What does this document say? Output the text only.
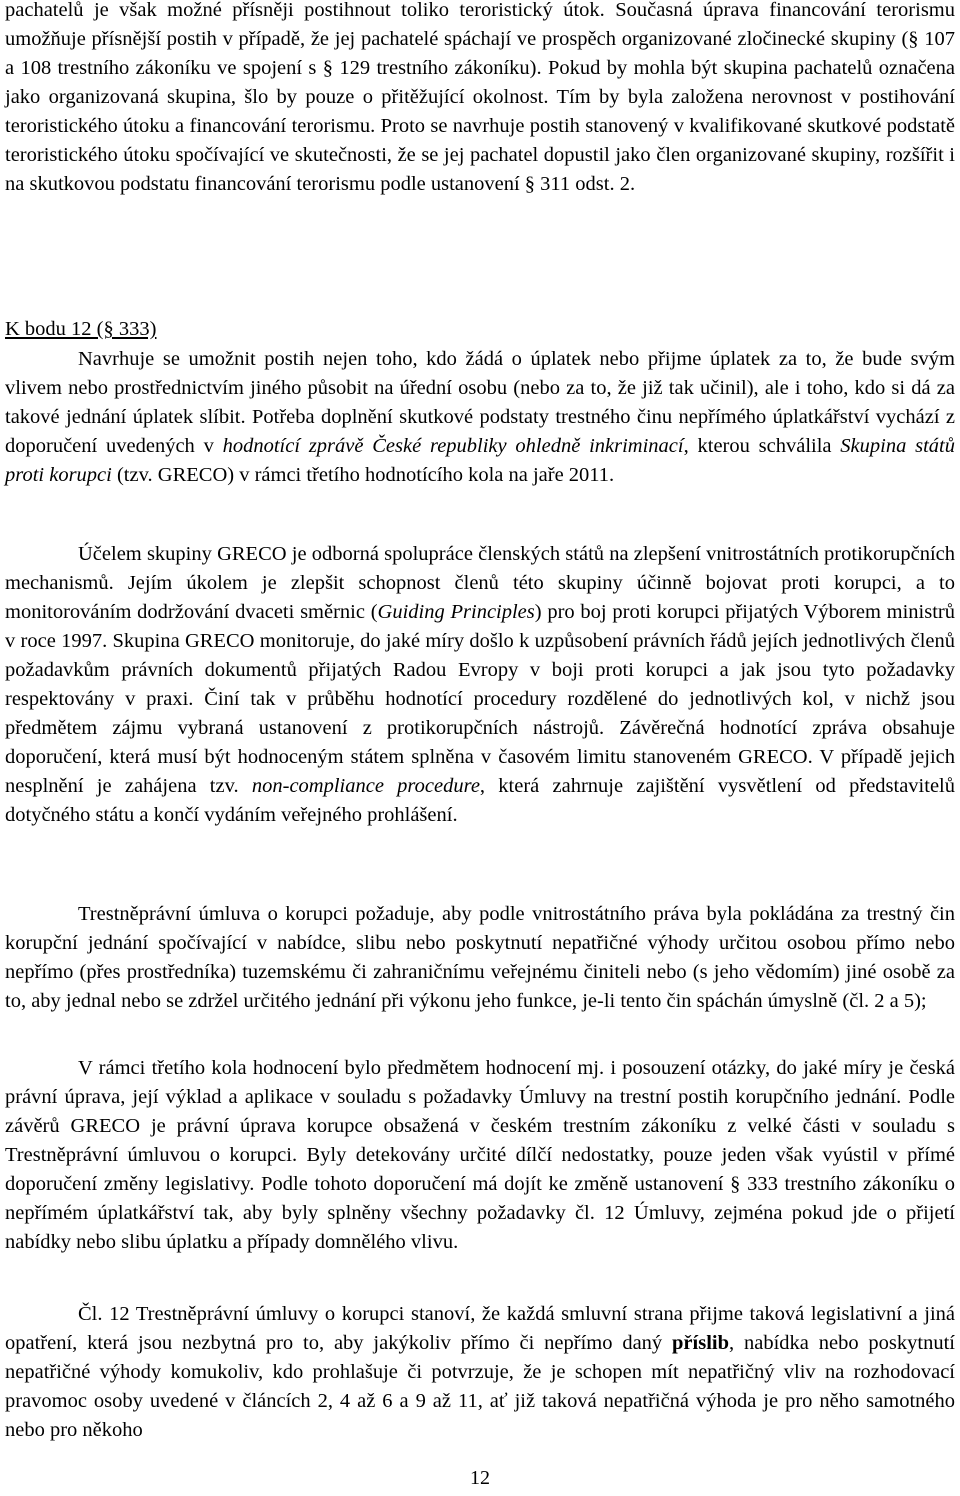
pachatelů je však možné přísněji postihnout toliko teroristický útok. Současná úprava financování terorismu umožňuje přísnější postih v případě, že jej pachatelé spáchají ve prospěch organizované zločinecké skupiny (§ 107 a 108 trestního zákoníku ve spojení s § 129 trestního zákoníku). Pokud by mohla být skupina pachatelů označena jako organizovaná skupina, šlo by pouze o přitěžující okolnost. Tím by byla založena nerovnost v postihování teroristického útoku a financování terorismu. Proto se navrhuje postih stanovený v kvalifikované skutkové podstatě teroristického útoku spočívající ve skutečnosti, že se jej pachatel dopustil jako člen organizované skupiny, rozšířit i na skutkovou podstatu financování terorismu podle ustanovení § 311 odst. 2.

K bodu 12 (§ 333)

Navrhuje se umožnit postih nejen toho, kdo žádá o úplatek nebo přijme úplatek za to, že bude svým vlivem nebo prostřednictvím jiného působit na úřední osobu (nebo za to, že již tak učinil), ale i toho, kdo si dá za takové jednání úplatek slíbit. Potřeba doplnění skutkové podstaty trestného činu nepřímého úplatkářství vychází z doporučení uvedených v hodnotící zprávě České republiky ohledně inkriminací, kterou schválila Skupina států proti korupci (tzv. GRECO) v rámci třetího hodnotícího kola na jaře 2011.

Účelem skupiny GRECO je odborná spolupráce členských států na zlepšení vnitrostátních protikorupčních mechanismů. Jejím úkolem je zlepšit schopnost členů této skupiny účinně bojovat proti korupci, a to monitorováním dodržování dvaceti směrnic (Guiding Principles) pro boj proti korupci přijatých Výborem ministrů v roce 1997. Skupina GRECO monitoruje, do jaké míry došlo k uzpůsobení právních řádů jejích jednotlivých členů požadavkům právních dokumentů přijatých Radou Evropy v boji proti korupci a jak jsou tyto požadavky respektovány v praxi. Činí tak v průběhu hodnotící procedury rozdělené do jednotlivých kol, v nichž jsou předmětem zájmu vybraná ustanovení z protikorupčních nástrojů. Závěrečná hodnotící zpráva obsahuje doporučení, která musí být hodnoceným státem splněna v časovém limitu stanoveném GRECO. V případě jejich nesplnění je zahájena tzv. non-compliance procedure, která zahrnuje zajištění vysvětlení od představitelů dotyčného státu a končí vydáním veřejného prohlášení.

Trestněprávní úmluva o korupci požaduje, aby podle vnitrostátního práva byla pokládána za trestný čin korupční jednání spočívající v nabídce, slibu nebo poskytnutí nepatřičné výhody určitou osobou přímo nebo nepřímo (přes prostředníka) tuzemskému či zahraničnímu veřejnému činiteli nebo (s jeho vědomím) jiné osobě za to, aby jednal nebo se zdržel určitého jednání při výkonu jeho funkce, je-li tento čin spáchán úmyslně (čl. 2 a 5);

V rámci třetího kola hodnocení bylo předmětem hodnocení mj. i posouzení otázky, do jaké míry je česká právní úprava, její výklad a aplikace v souladu s požadavky Úmluvy na trestní postih korupčního jednání. Podle závěrů GRECO je právní úprava korupce obsažená v českém trestním zákoníku z velké části v souladu s Trestněprávní úmluvou o korupci. Byly detekovány určité dílčí nedostatky, pouze jeden však vyústil v přímé doporučení změny legislativy. Podle tohoto doporučení má dojít ke změně ustanovení § 333 trestního zákoníku o nepřímém úplatkářství tak, aby byly splněny všechny požadavky čl. 12 Úmluvy, zejména pokud jde o přijetí nabídky nebo slibu úplatku a případy domnělého vlivu.

Čl. 12 Trestněprávní úmluvy o korupci stanoví, že každá smluvní strana přijme taková legislativní a jiná opatření, která jsou nezbytná pro to, aby jakýkoliv přímo či nepřímo daný příslib, nabídka nebo poskytnutí nepatřičné výhody komukoliv, kdo prohlašuje či potvrzuje, že je schopen mít nepatřičný vliv na rozhodovací pravomoc osoby uvedené v článcích 2, 4 až 6 a 9 až 11, ať již taková nepatřičná výhoda je pro něho samotného nebo pro někoho

12
